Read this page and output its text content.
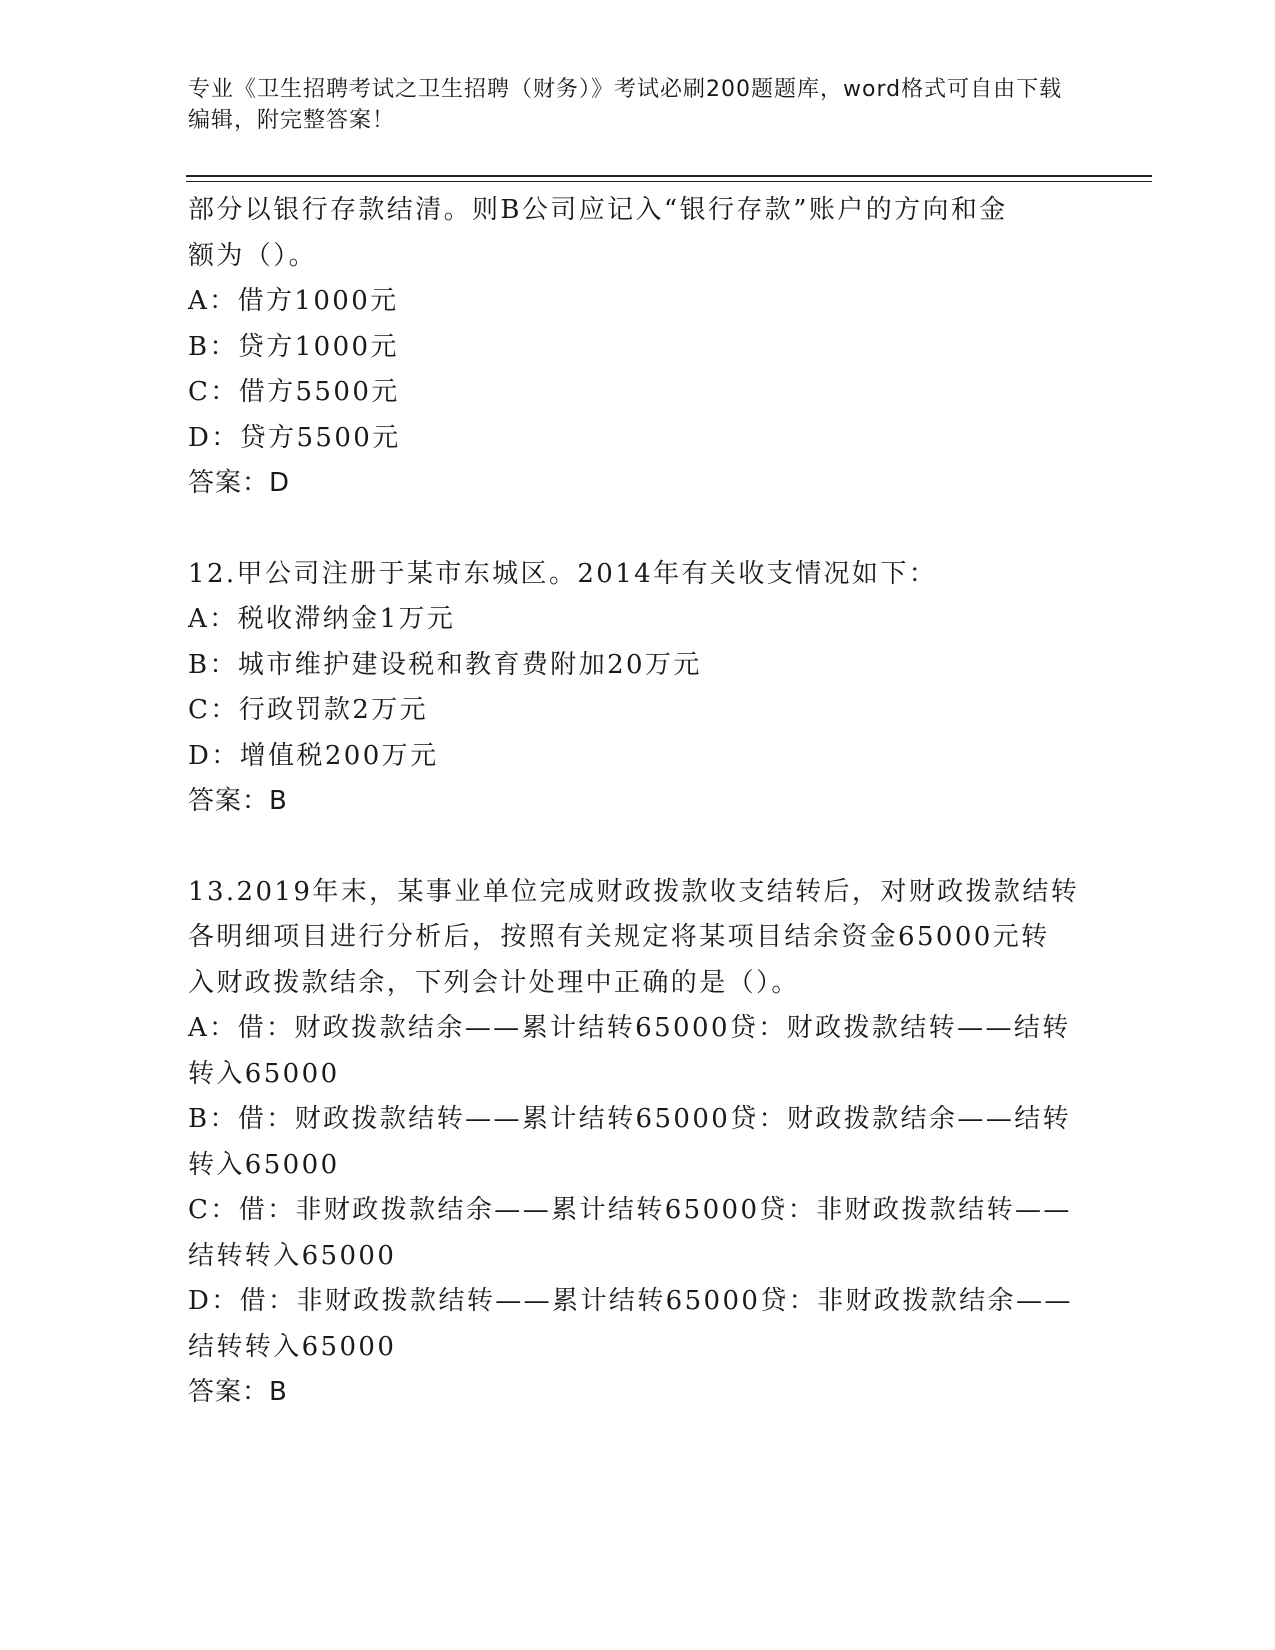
专业《卫生招聘考试之卫生招聘（财务）》考试必刷200题题库，word格式可自由下载编辑，附完整答案！

部分以银行存款结清。则B公司应记入“银行存款”账户的方向和金

额为（）。

A：借方1000元

B：贷方1000元

C：借方5500元

D：贷方5500元

答案：D

12.甲公司注册于某市东城区。2014年有关收支情况如下：

A：税收滞纳金1万元

B：城市维护建设税和教育费附加20万元

C：行政罚款2万元

D：增值税200万元

答案：B

13.2019年末，某事业单位完成财政拨款收支结转后，对财政拨款结转

各明细项目进行分析后，按照有关规定将某项目结余资金65000元转

入财政拨款结余，下列会计处理中正确的是（）。

A：借：财政拨款结余——累计结转65000贷：财政拨款结转——结转

转入65000

B：借：财政拨款结转——累计结转65000贷：财政拨款结余——结转

转入65000

C：借：非财政拨款结余——累计结转65000贷：非财政拨款结转——

结转转入65000

D：借：非财政拨款结转——累计结转65000贷：非财政拨款结余——

结转转入65000

答案：B
